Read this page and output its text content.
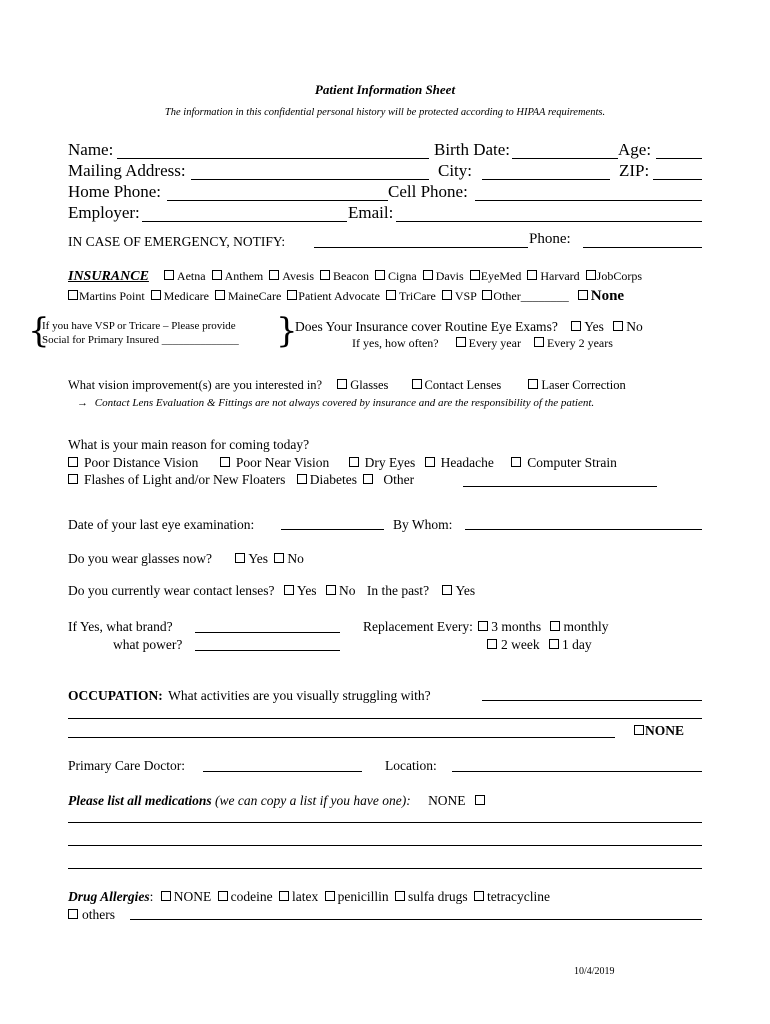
Patient Information Sheet
The information in this confidential personal history will be protected according to HIPAA requirements.
Name:	Birth Date:	Age:
Mailing Address:	City:	ZIP:
Home Phone:	Cell Phone:
Employer:	Email:
IN CASE OF EMERGENCY, NOTIFY:	Phone:
INSURANCE Aetna Anthem Avesis Beacon Cigna Davis EyeMed Harvard JobCorps
Martins Point Medicare MaineCare Patient Advocate TriCare VSP Other________ None
{
If you have VSP or Tricare – Please provide
Social for Primary Insured ______________ }
Does Your Insurance cover Routine Eye Exams? Yes No
If yes, how often?	Every year Every 2 years
What vision improvement(s) are you interested in? Glasses	Contact Lenses	Laser Correction
→ Contact Lens Evaluation & Fittings are not always covered by insurance and are the responsibility of the patient.
What is your main reason for coming today?
Poor Distance Vision	Poor Near Vision	Dry Eyes Headache Computer Strain
Flashes of Light and/or New Floaters Diabetes Other
Date of your last eye examination:	By Whom:
Do you wear glasses now?	Yes No
Do you currently wear contact lenses? Yes No In the past? Yes
If Yes, what brand?
what power?
Replacement Every: 3 months monthly
2 week 1 day
OCCUPATION: What activities are you visually struggling with?
NONE
Primary Care Doctor:	Location:
Please list all medications (we can copy a list if you have one): NONE
Drug Allergies: NONE codeine latex penicillin sulfa drugs tetracycline
others
10/4/2019
